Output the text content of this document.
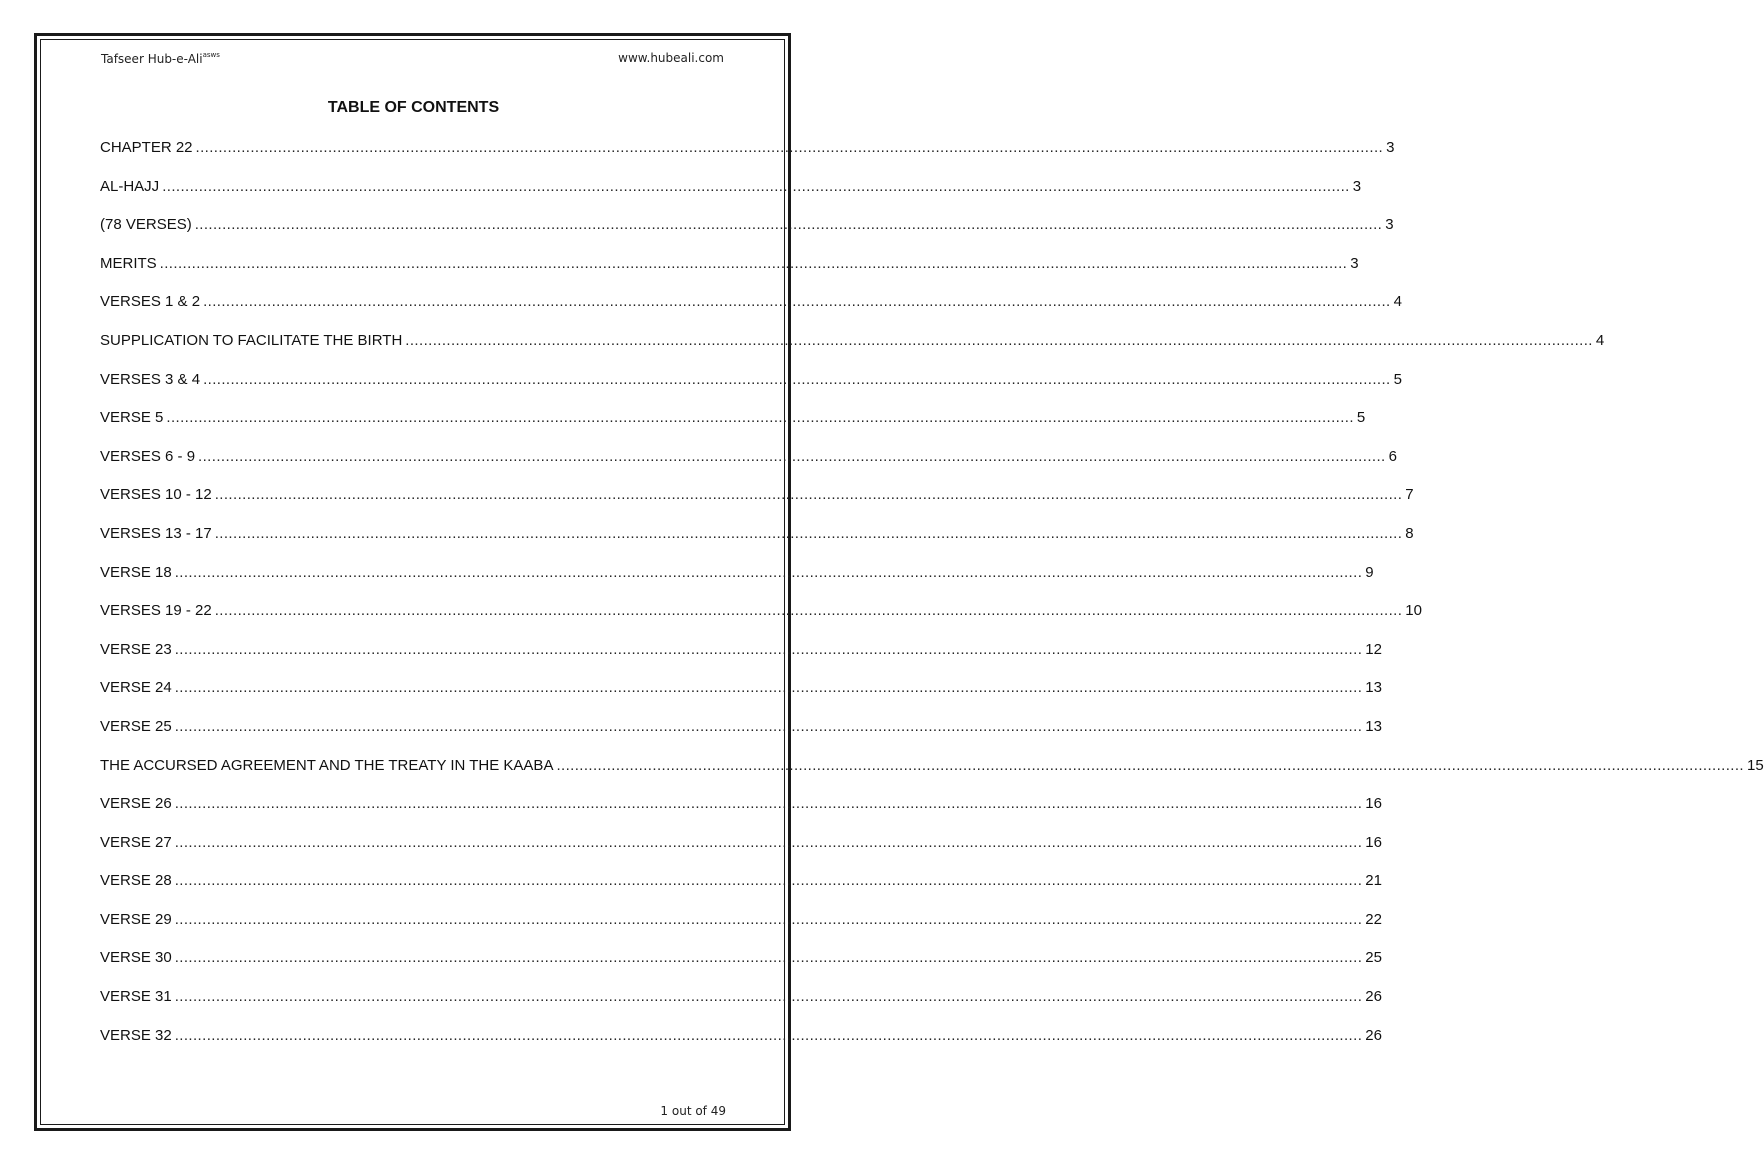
Tafseer Hub-e-Ali$^{asws}$	www.hubeali.com
TABLE OF CONTENTS
CHAPTER 22 .................................................................................................................................................................................................................................................................... 3
AL-HAJJ .................................................................................................................................................................................................................................................................... 3
(78 VERSES) .................................................................................................................................................................................................................................................................... 3
MERITS .................................................................................................................................................................................................................................................................... 3
VERSES 1 & 2 .................................................................................................................................................................................................................................................................... 4
SUPPLICATION TO FACILITATE THE BIRTH .................................................................................................................................................................................................................................................................... 4
VERSES 3 & 4 .................................................................................................................................................................................................................................................................... 5
VERSE 5 .................................................................................................................................................................................................................................................................... 5
VERSES 6 - 9 .................................................................................................................................................................................................................................................................... 6
VERSES 10 - 12 .................................................................................................................................................................................................................................................................... 7
VERSES 13 - 17 .................................................................................................................................................................................................................................................................... 8
VERSE 18 .................................................................................................................................................................................................................................................................... 9
VERSES 19 - 22 .................................................................................................................................................................................................................................................................... 10
VERSE 23 .................................................................................................................................................................................................................................................................... 12
VERSE 24 .................................................................................................................................................................................................................................................................... 13
VERSE 25 .................................................................................................................................................................................................................................................................... 13
THE ACCURSED AGREEMENT AND THE TREATY IN THE KAABA .................................................................................................................................................................................................................................................................... 15
VERSE 26 .................................................................................................................................................................................................................................................................... 16
VERSE 27 .................................................................................................................................................................................................................................................................... 16
VERSE 28 .................................................................................................................................................................................................................................................................... 21
VERSE 29 .................................................................................................................................................................................................................................................................... 22
VERSE 30 .................................................................................................................................................................................................................................................................... 25
VERSE 31 .................................................................................................................................................................................................................................................................... 26
VERSE 32 .................................................................................................................................................................................................................................................................... 26
1 out of 49
